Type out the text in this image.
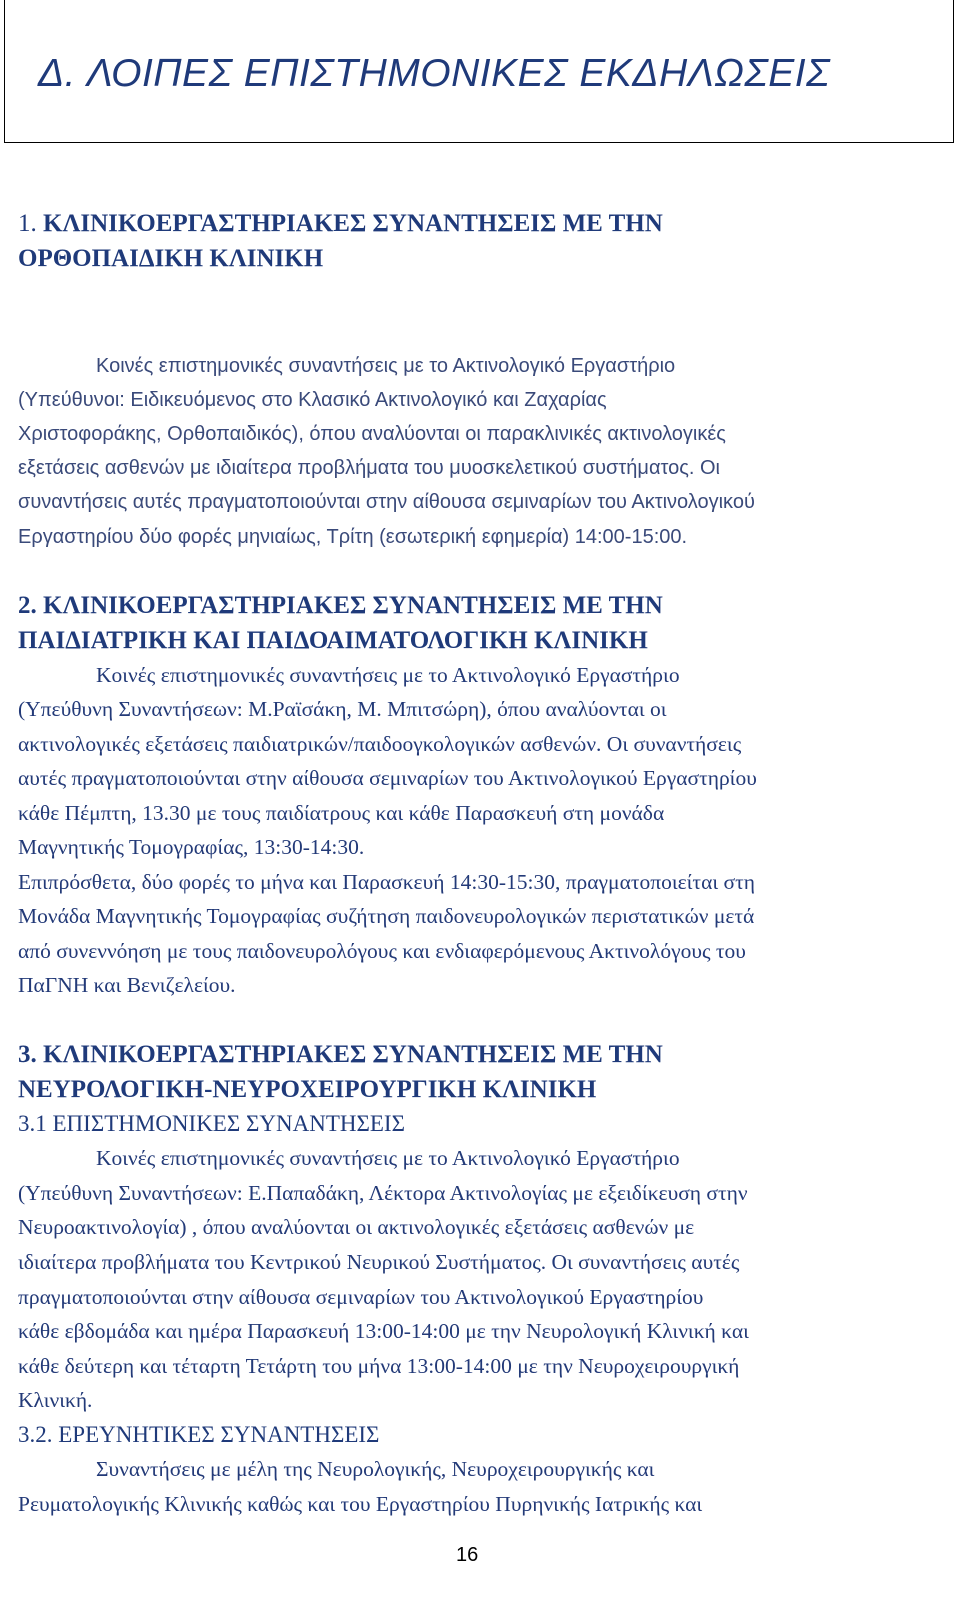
Δ. ΛΟΙΠΕΣ ΕΠΙΣΤΗΜΟΝΙΚΕΣ ΕΚΔΗΛΩΣΕΙΣ
1. ΚΛΙΝΙΚΟΕΡΓΑΣΤΗΡΙΑΚΕΣ ΣΥΝΑΝΤΗΣΕΙΣ ΜΕ ΤΗΝ
ΟΡΘΟΠΑΙΔΙΚΗ ΚΛΙΝΙΚΗ
Κοινές επιστημονικές συναντήσεις με το Ακτινολογικό Εργαστήριο
(Υπεύθυνοι: Ειδικευόμενος στο Κλασικό Ακτινολογικό και Ζαχαρίας
Χριστοφοράκης, Ορθοπαιδικός), όπου αναλύονται οι παρακλινικές ακτινολογικές
εξετάσεις ασθενών με ιδιαίτερα προβλήματα του μυοσκελετικού συστήματος. Οι
συναντήσεις αυτές πραγματοποιούνται στην αίθουσα σεμιναρίων του Ακτινολογικού
Εργαστηρίου δύο φορές μηνιαίως, Τρίτη (εσωτερική εφημερία) 14:00-15:00.
2. ΚΛΙΝΙΚΟΕΡΓΑΣΤΗΡΙΑΚΕΣ ΣΥΝΑΝΤΗΣΕΙΣ ΜΕ ΤΗΝ
ΠΑΙΔΙΑΤΡΙΚΗ ΚΑΙ ΠΑΙΔΟΑΙΜΑΤΟΛΟΓΙΚΗ ΚΛΙΝΙΚΗ
Κοινές επιστημονικές συναντήσεις με το Ακτινολογικό Εργαστήριο
(Υπεύθυνη Συναντήσεων: Μ.Ραϊσάκη, Μ. Μπιτσώρη), όπου αναλύονται οι
ακτινολογικές εξετάσεις παιδιατρικών/παιδοογκολογικών ασθενών. Οι συναντήσεις
αυτές πραγματοποιούνται στην αίθουσα σεμιναρίων του Ακτινολογικού Εργαστηρίου
κάθε Πέμπτη, 13.30 με τους παιδίατρους και κάθε Παρασκευή στη μονάδα
Μαγνητικής Τομογραφίας, 13:30-14:30.
Επιπρόσθετα, δύο φορές το μήνα και Παρασκευή 14:30-15:30, πραγματοποιείται στη
Μονάδα Μαγνητικής Τομογραφίας συζήτηση παιδονευρολογικών περιστατικών μετά
από συνεννόηση με τους παιδονευρολόγους και ενδιαφερόμενους Ακτινολόγους του
ΠαΓΝΗ και Βενιζελείου.
3. ΚΛΙΝΙΚΟΕΡΓΑΣΤΗΡΙΑΚΕΣ ΣΥΝΑΝΤΗΣΕΙΣ ΜΕ ΤΗΝ
ΝΕΥΡΟΛΟΓΙΚΗ-ΝΕΥΡΟΧΕΙΡΟΥΡΓΙΚΗ ΚΛΙΝΙΚΗ
3.1 ΕΠΙΣΤΗΜΟΝΙΚΕΣ ΣΥΝΑΝΤΗΣΕΙΣ
Κοινές επιστημονικές συναντήσεις με το Ακτινολογικό Εργαστήριο
(Υπεύθυνη Συναντήσεων: Ε.Παπαδάκη, Λέκτορα Ακτινολογίας με εξειδίκευση στην
Νευροακτινολογία) , όπου αναλύονται οι ακτινολογικές εξετάσεις ασθενών με
ιδιαίτερα προβλήματα του Κεντρικού Νευρικού Συστήματος. Οι συναντήσεις αυτές
πραγματοποιούνται στην αίθουσα σεμιναρίων του Ακτινολογικού Εργαστηρίου
κάθε εβδομάδα και ημέρα Παρασκευή 13:00-14:00 με την Νευρολογική Κλινική και
κάθε δεύτερη και τέταρτη Τετάρτη του μήνα 13:00-14:00 με την Νευροχειρουργική
Κλινική.
3.2. ΕΡΕΥΝΗΤΙΚΕΣ ΣΥΝΑΝΤΗΣΕΙΣ
Συναντήσεις με μέλη της Νευρολογικής, Νευροχειρουργικής και
Ρευματολογικής Κλινικής καθώς και του Εργαστηρίου Πυρηνικής Ιατρικής και
16
